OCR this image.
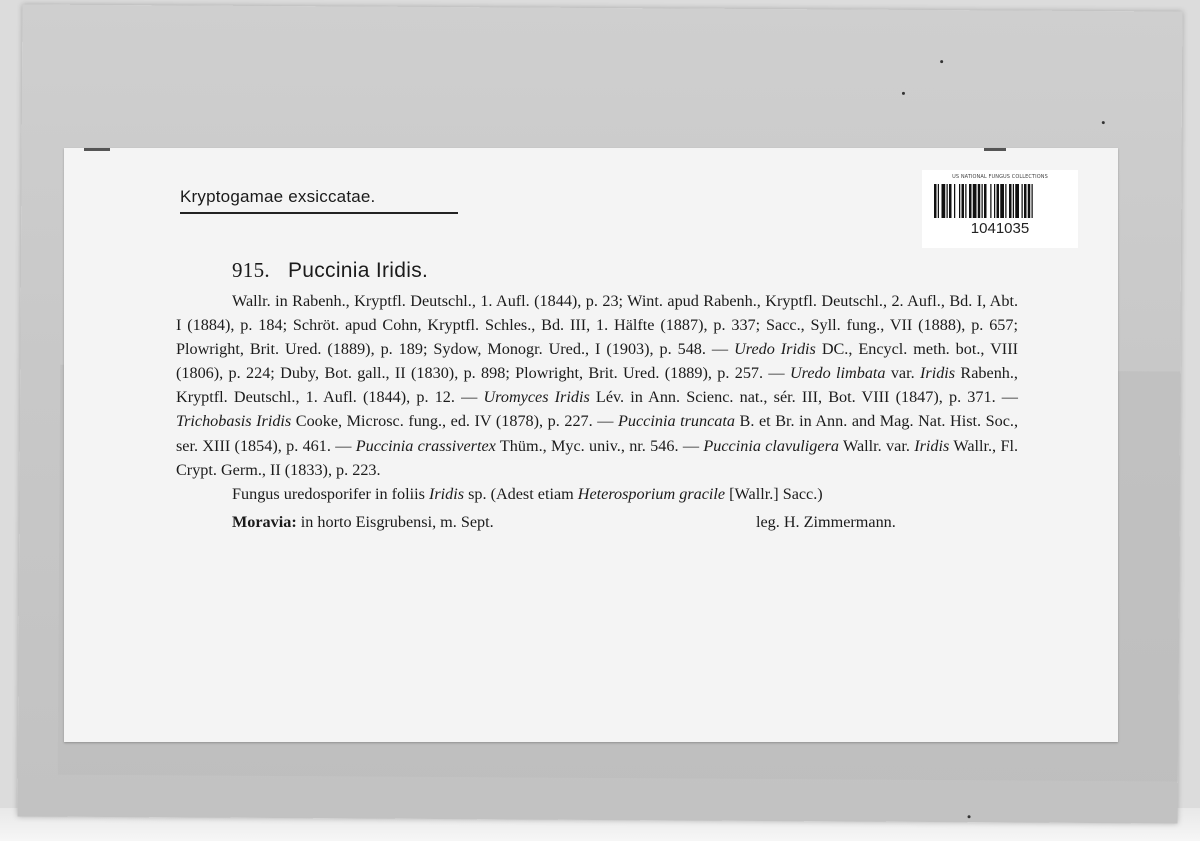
Kryptogamae exsiccatae.
US NATIONAL FUNGUS COLLECTIONS
1041035
915. Puccinia Iridis.

Wallr. in Rabenh., Kryptfl. Deutschl., 1. Aufl. (1844), p. 23; Wint. apud Rabenh., Kryptfl. Deutschl., 2. Aufl., Bd. I, Abt. I (1884), p. 184; Schröt. apud Cohn, Kryptfl. Schles., Bd. III, 1. Hälfte (1887), p. 337; Sacc., Syll. fung., VII (1888), p. 657; Plowright, Brit. Ured. (1889), p. 189; Sydow, Monogr. Ured., I (1903), p. 548. — Uredo Iridis DC., Encycl. meth. bot., VIII (1806), p. 224; Duby, Bot. gall., II (1830), p. 898; Plowright, Brit. Ured. (1889), p. 257. — Uredo limbata var. Iridis Rabenh., Kryptfl. Deutschl., 1. Aufl. (1844), p. 12. — Uromyces Iridis Lév. in Ann. Scienc. nat., sér. III, Bot. VIII (1847), p. 371. — Trichobasis Iridis Cooke, Microsc. fung., ed. IV (1878), p. 227. — Puccinia truncata B. et Br. in Ann. and Mag. Nat. Hist. Soc., ser. XIII (1854), p. 461. — Puccinia crassivertex Thüm., Myc. univ., nr. 546. — Puccinia clavuligera Wallr. var. Iridis Wallr., Fl. Crypt. Germ., II (1833), p. 223.

Fungus uredosporifer in foliis Iridis sp. (Adest etiam Heterosporium gracile [Wallr.] Sacc.)

Moravia: in horto Eisgrubensi, m. Sept.	leg. H. Zimmermann.
